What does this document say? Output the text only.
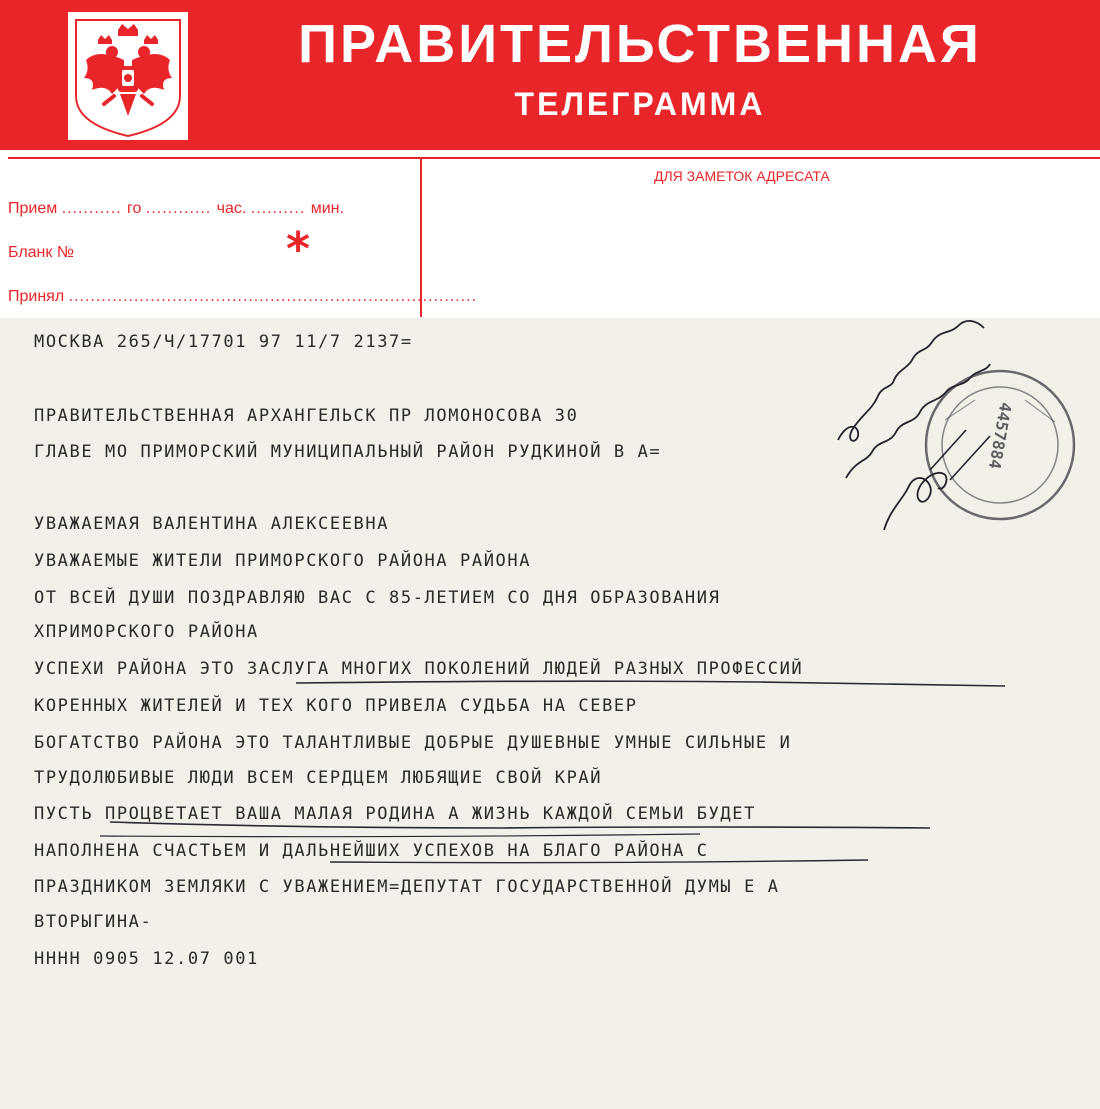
ПРАВИТЕЛЬСТВЕННАЯ
ТЕЛЕГРАММА
ДЛЯ ЗАМЕТОК АДРЕСАТА
Прием ........... го ............ час. .......... мин.
Бланк №	*
Принял ...........................................................................
МОСКВА 265/Ч/17701 97 11/7 2137=
ПРАВИТЕЛЬСТВЕННАЯ АРХАНГЕЛЬСК ПР ЛОМОНОСОВА 30
ГЛАВЕ МО ПРИМОРСКИЙ МУНИЦИПАЛЬНЫЙ РАЙОН РУДКИНОЙ В А=
УВАЖАЕМАЯ ВАЛЕНТИНА АЛЕКСЕЕВНА
УВАЖАЕМЫЕ ЖИТЕЛИ ПРИМОРСКОГО РАЙОНА РАЙОНА
ОТ ВСЕЙ ДУШИ ПОЗДРАВЛЯЮ ВАС С 85-ЛЕТИЕМ СО ДНЯ ОБРАЗОВАНИЯ
ХПРИМОРСКОГО РАЙОНА
УСПЕХИ РАЙОНА ЭТО ЗАСЛУГА МНОГИХ ПОКОЛЕНИЙ ЛЮДЕЙ РАЗНЫХ ПРОФЕССИЙ
КОРЕННЫХ ЖИТЕЛЕЙ И ТЕХ КОГО ПРИВЕЛА СУДЬБА НА СЕВЕР
БОГАТСТВО РАЙОНА ЭТО ТАЛАНТЛИВЫЕ ДОБРЫЕ ДУШЕВНЫЕ УМНЫЕ СИЛЬНЫЕ И
ТРУДОЛЮБИВЫЕ ЛЮДИ ВСЕМ СЕРДЦЕМ ЛЮБЯЩИЕ СВОЙ КРАЙ
ПУСТЬ ПРОЦВЕТАЕТ ВАША МАЛАЯ РОДИНА А ЖИЗНЬ КАЖДОЙ СЕМЬИ БУДЕТ
НАПОЛНЕНА СЧАСТЬЕМ И ДАЛЬНЕЙШИХ УСПЕХОВ НА БЛАГО РАЙОНА С
ПРАЗДНИКОМ ЗЕМЛЯКИ С УВАЖЕНИЕМ=ДЕПУТАТ ГОСУДАРСТВЕННОЙ ДУМЫ Е А
ВТОРЫГИНА-
НННН 0905 12.07 001
4457884
